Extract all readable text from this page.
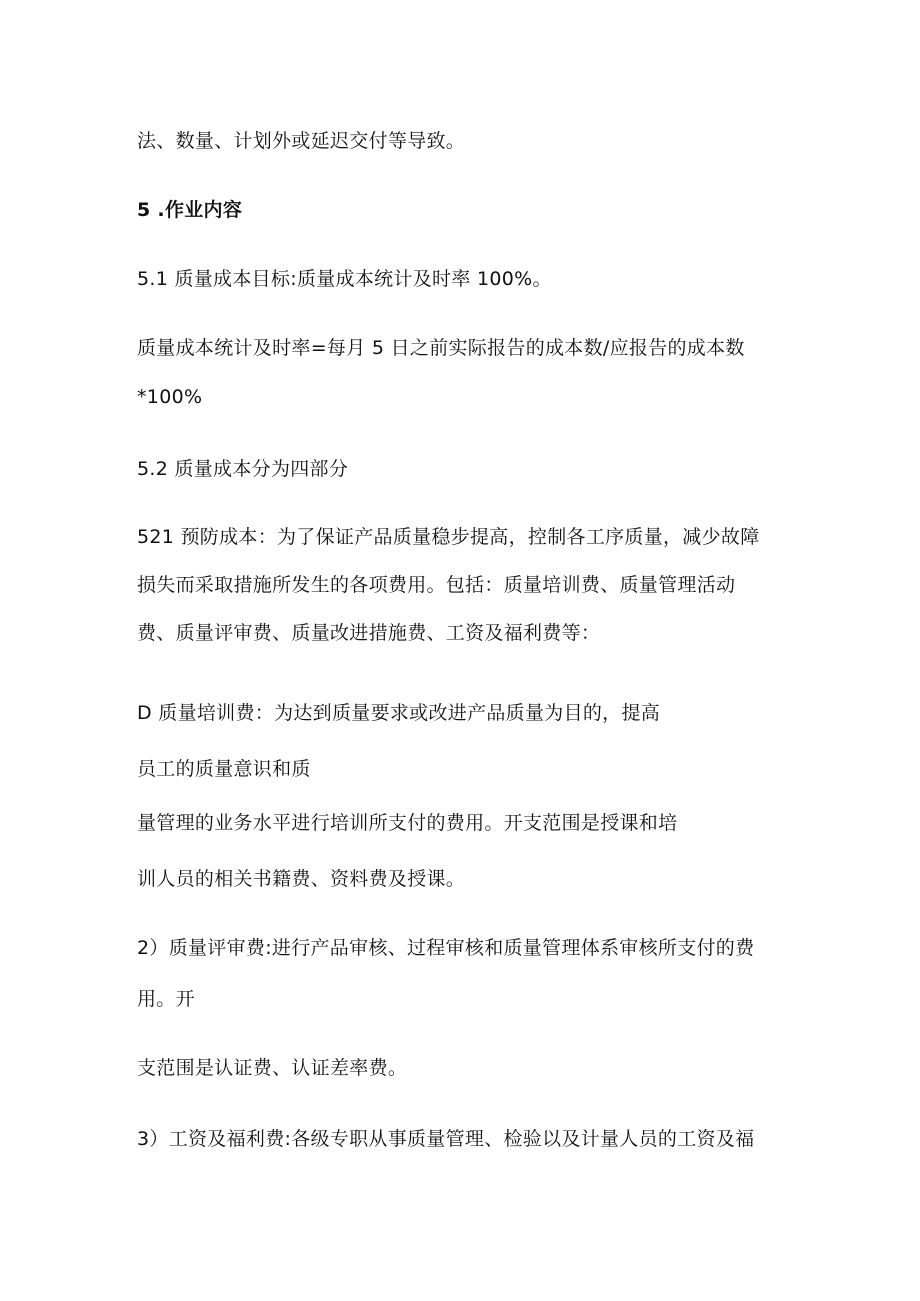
法、数量、计划外或延迟交付等导致。

5 .作业内容

5.1 质量成本目标:质量成本统计及时率 100%。

质量成本统计及时率=每月 5 日之前实际报告的成本数/应报告的成本数

*100%

5.2 质量成本分为四部分

521 预防成本：为了保证产品质量稳步提高，控制各工序质量，减少故障

损失而采取措施所发生的各项费用。包括：质量培训费、质量管理活动

费、质量评审费、质量改进措施费、工资及福利费等：

D 质量培训费：为达到质量要求或改进产品质量为目的，提高

员工的质量意识和质

量管理的业务水平进行培训所支付的费用。开支范围是授课和培

训人员的相关书籍费、资料费及授课。

2）质量评审费:进行产品审核、过程审核和质量管理体系审核所支付的费

用。开

支范围是认证费、认证差率费。

3）工资及福利费:各级专职从事质量管理、检验以及计量人员的工资及福
